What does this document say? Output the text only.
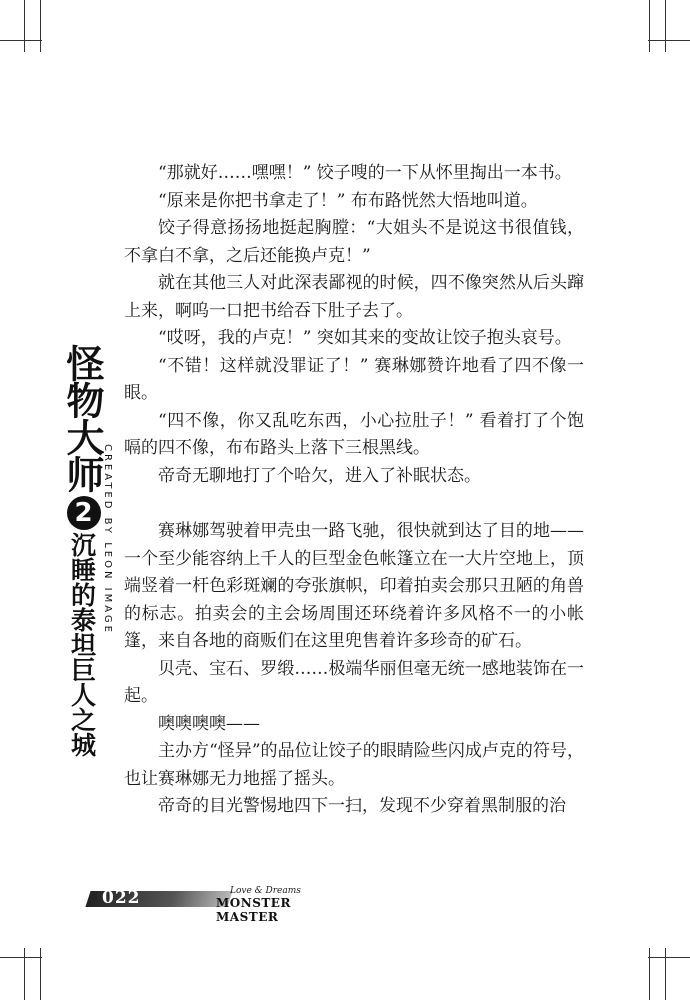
怪物大师
2
沉睡的泰坦巨人之城 CREATED BY LEON IMAGE

“那就好……嘿嘿！” 饺子嗖的一下从怀里掏出一本书。

“原来是你把书拿走了！” 布布路恍然大悟地叫道。

饺子得意扬扬地挺起胸膛：“大姐头不是说这书很值钱，不拿白不拿，之后还能换卢克！”

就在其他三人对此深表鄙视的时候，四不像突然从后头蹿上来，啊呜一口把书给吞下肚子去了。

“哎呀，我的卢克！” 突如其来的变故让饺子抱头哀号。

“不错！这样就没罪证了！” 赛琳娜赞许地看了四不像一眼。

“四不像，你又乱吃东西，小心拉肚子！” 看着打了个饱嗝的四不像，布布路头上落下三根黑线。

帝奇无聊地打了个哈欠，进入了补眠状态。

赛琳娜驾驶着甲壳虫一路飞驰，很快就到达了目的地——一个至少能容纳上千人的巨型金色帐篷立在一大片空地上，顶端竖着一杆色彩斑斓的夸张旗帜，印着拍卖会那只丑陋的角兽的标志。拍卖会的主会场周围还环绕着许多风格不一的小帐篷，来自各地的商贩们在这里兜售着许多珍奇的矿石。

贝壳、宝石、罗缎……极端华丽但毫无统一感地装饰在一起。

噢噢噢噢——

主办方“怪异”的品位让饺子的眼睛险些闪成卢克的符号，也让赛琳娜无力地摇了摇头。

帝奇的目光警惕地四下一扫，发现不少穿着黑制服的治

022	Love & Dreams
MONSTER MASTER
